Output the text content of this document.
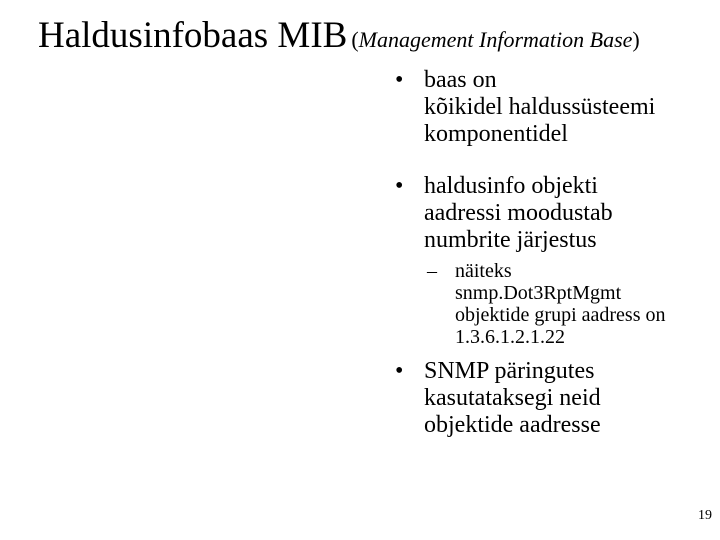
Haldusinfobaas MIB (Management Information Base)
• baas on
kõikidel haldussüsteemi
komponentidel
• haldusinfo objekti
aadressi moodustab
numbrite järjestus
– näiteks
snmp.Dot3RptMgmt
objektide grupi aadress on
1.3.6.1.2.1.22
• SNMP päringutes
kasutataksegi neid
objektide aadresse
19
